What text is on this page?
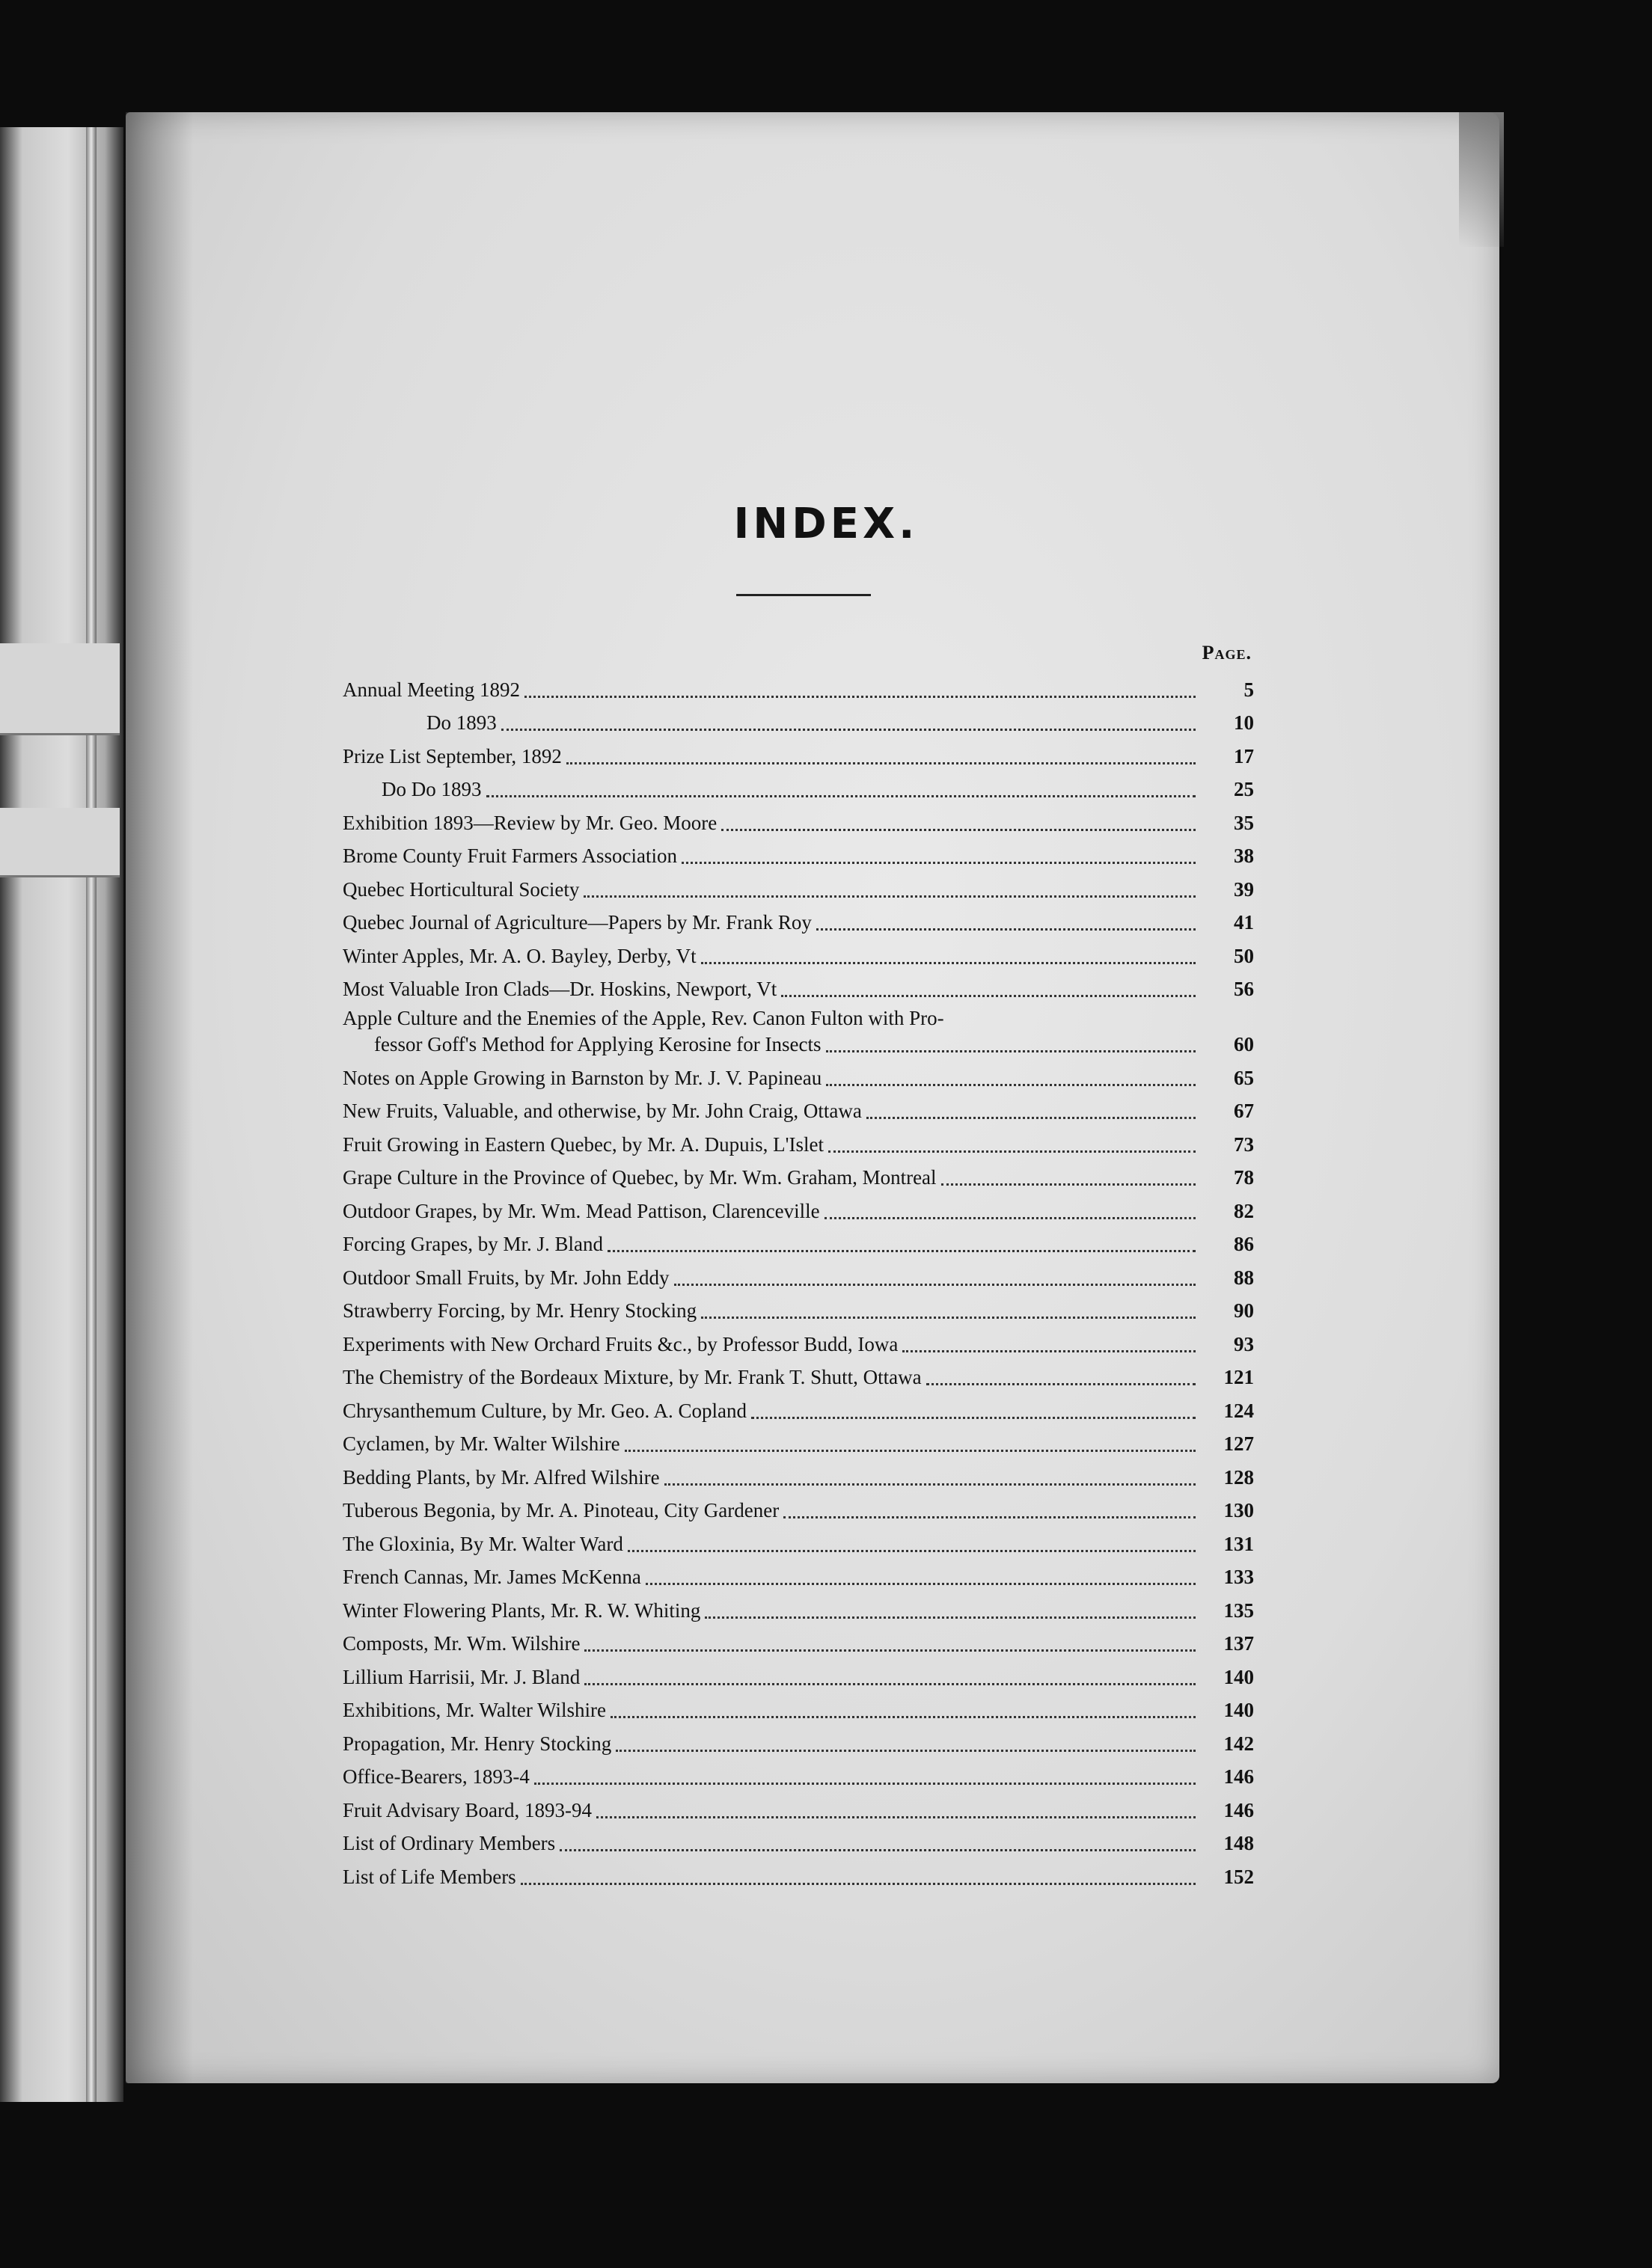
INDEX.
Page.
Annual Meeting 1892	5
Do 1893	10
Prize List September, 1892	17
Do Do 1893	25
Exhibition 1893—Review by Mr. Geo. Moore	35
Brome County Fruit Farmers Association	38
Quebec Horticultural Society	39
Quebec Journal of Agriculture—Papers by Mr. Frank Roy	41
Winter Apples, Mr. A. O. Bayley, Derby, Vt	50
Most Valuable Iron Clads—Dr. Hoskins, Newport, Vt	56
Apple Culture and the Enemies of the Apple, Rev. Canon Fulton with Pro-
fessor Goff's Method for Applying Kerosine for Insects	60
Notes on Apple Growing in Barnston by Mr. J. V. Papineau	65
New Fruits, Valuable, and otherwise, by Mr. John Craig, Ottawa	67
Fruit Growing in Eastern Quebec, by Mr. A. Dupuis, L'Islet	73
Grape Culture in the Province of Quebec, by Mr. Wm. Graham, Montreal	78
Outdoor Grapes, by Mr. Wm. Mead Pattison, Clarenceville	82
Forcing Grapes, by Mr. J. Bland	86
Outdoor Small Fruits, by Mr. John Eddy	88
Strawberry Forcing, by Mr. Henry Stocking	90
Experiments with New Orchard Fruits &c., by Professor Budd, Iowa	93
The Chemistry of the Bordeaux Mixture, by Mr. Frank T. Shutt, Ottawa	121
Chrysanthemum Culture, by Mr. Geo. A. Copland	124
Cyclamen, by Mr. Walter Wilshire	127
Bedding Plants, by Mr. Alfred Wilshire	128
Tuberous Begonia, by Mr. A. Pinoteau, City Gardener	130
The Gloxinia, By Mr. Walter Ward	131
French Cannas, Mr. James McKenna	133
Winter Flowering Plants, Mr. R. W. Whiting	135
Composts, Mr. Wm. Wilshire	137
Lillium Harrisii, Mr. J. Bland	140
Exhibitions, Mr. Walter Wilshire	140
Propagation, Mr. Henry Stocking	142
Office-Bearers, 1893-4	146
Fruit Advisary Board, 1893-94	146
List of Ordinary Members	148
List of Life Members	152
